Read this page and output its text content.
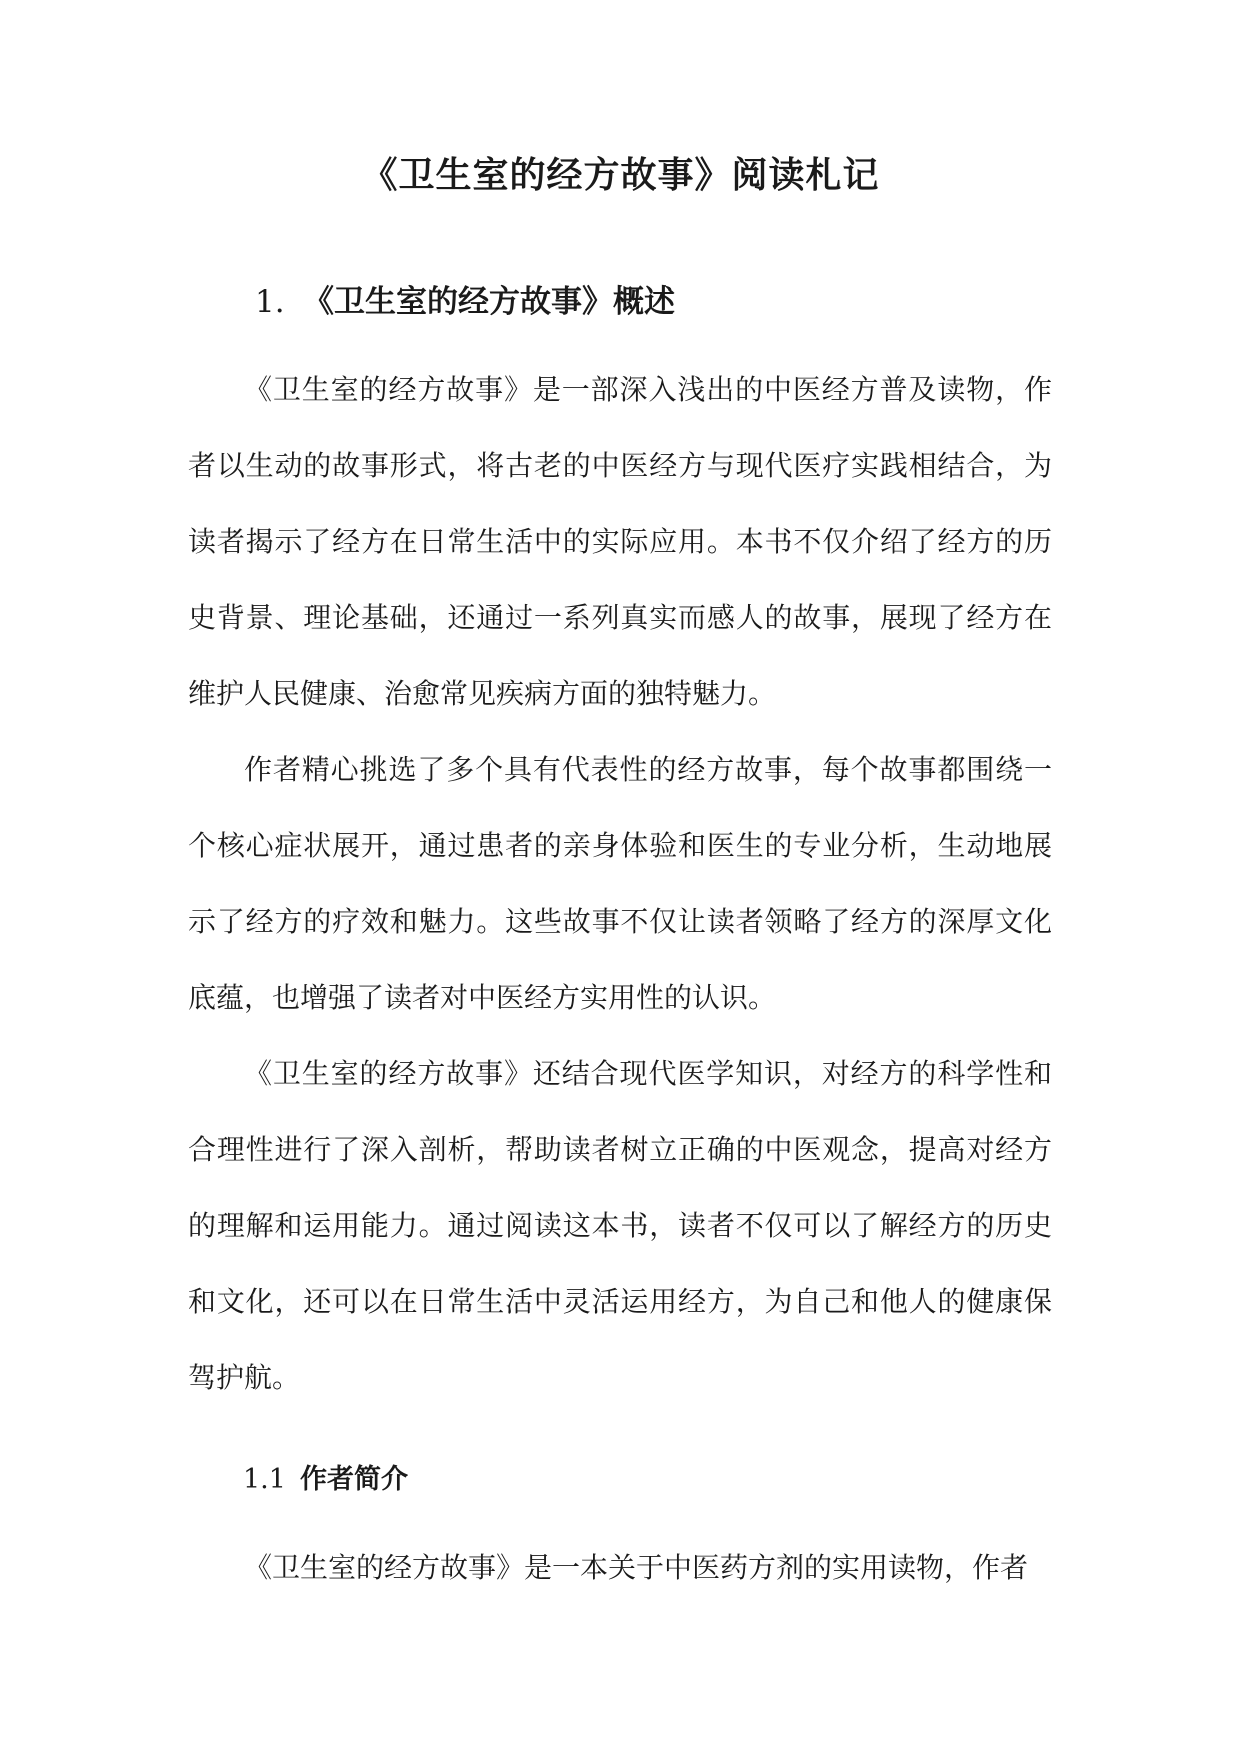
《卫生室的经方故事》阅读札记
1. 《卫生室的经方故事》概述

《卫生室的经方故事》是一部深入浅出的中医经方普及读物，作者以生动的故事形式，将古老的中医经方与现代医疗实践相结合，为读者揭示了经方在日常生活中的实际应用。本书不仅介绍了经方的历史背景、理论基础，还通过一系列真实而感人的故事，展现了经方在维护人民健康、治愈常见疾病方面的独特魅力。

作者精心挑选了多个具有代表性的经方故事，每个故事都围绕一个核心症状展开，通过患者的亲身体验和医生的专业分析，生动地展示了经方的疗效和魅力。这些故事不仅让读者领略了经方的深厚文化底蕴，也增强了读者对中医经方实用性的认识。

《卫生室的经方故事》还结合现代医学知识，对经方的科学性和合理性进行了深入剖析，帮助读者树立正确的中医观念，提高对经方的理解和运用能力。通过阅读这本书，读者不仅可以了解经方的历史和文化，还可以在日常生活中灵活运用经方，为自己和他人的健康保驾护航。

1.1 作者简介

《卫生室的经方故事》是一本关于中医药方剂的实用读物，作者
